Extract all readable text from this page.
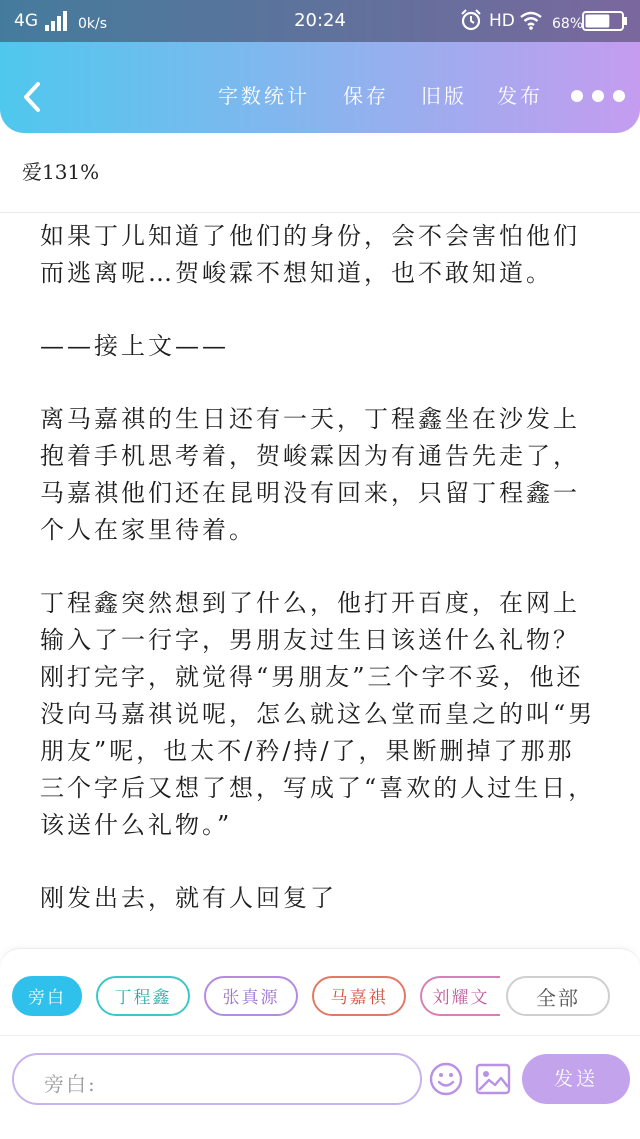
4G	0k/s	20:24	HD	68%
字数统计 保存 旧版 发布
爱131%

如果丁儿知道了他们的身份，会不会害怕他们而逃离呢…贺峻霖不想知道，也不敢知道。

——接上文——

离马嘉祺的生日还有一天，丁程鑫坐在沙发上抱着手机思考着，贺峻霖因为有通告先走了，马嘉祺他们还在昆明没有回来，只留丁程鑫一个人在家里待着。

丁程鑫突然想到了什么，他打开百度，在网上输入了一行字，男朋友过生日该送什么礼物？刚打完字，就觉得“男朋友”三个字不妥，他还没向马嘉祺说呢，怎么就这么堂而皇之的叫“男朋友”呢，也太不/矜/持/了，果断删掉了那那三个字后又想了想，写成了“喜欢的人过生日，该送什么礼物。”

刚发出去，就有人回复了

旁白	丁程鑫	张真源	马嘉祺	刘耀文	全部
旁白:	发送
